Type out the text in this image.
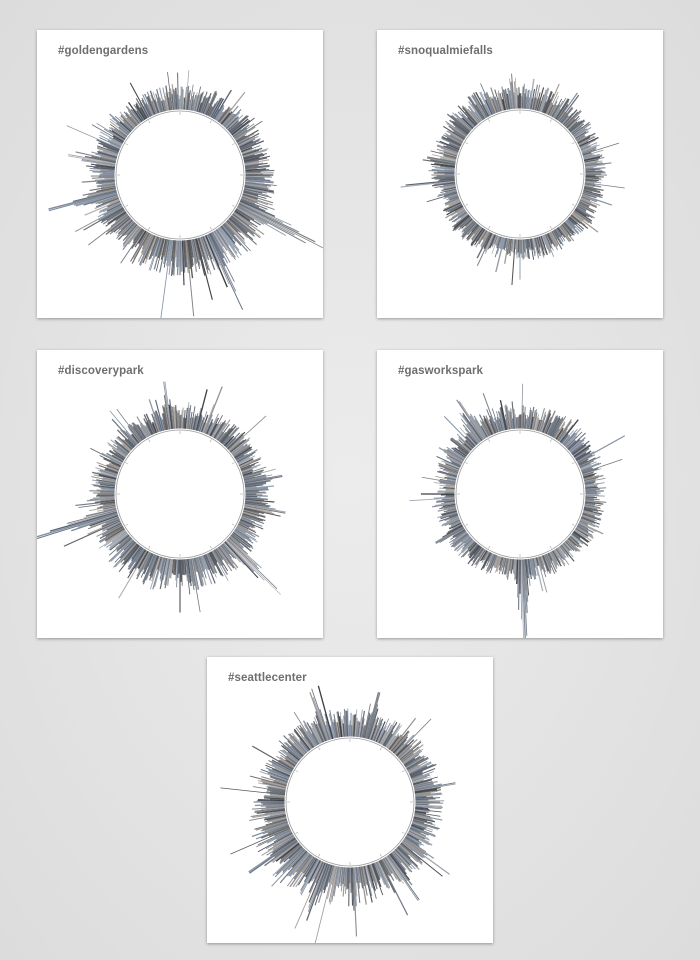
#goldengardens	#snoqualmiefalls
#discoverypark	#gasworkspark
#seattlecenter
